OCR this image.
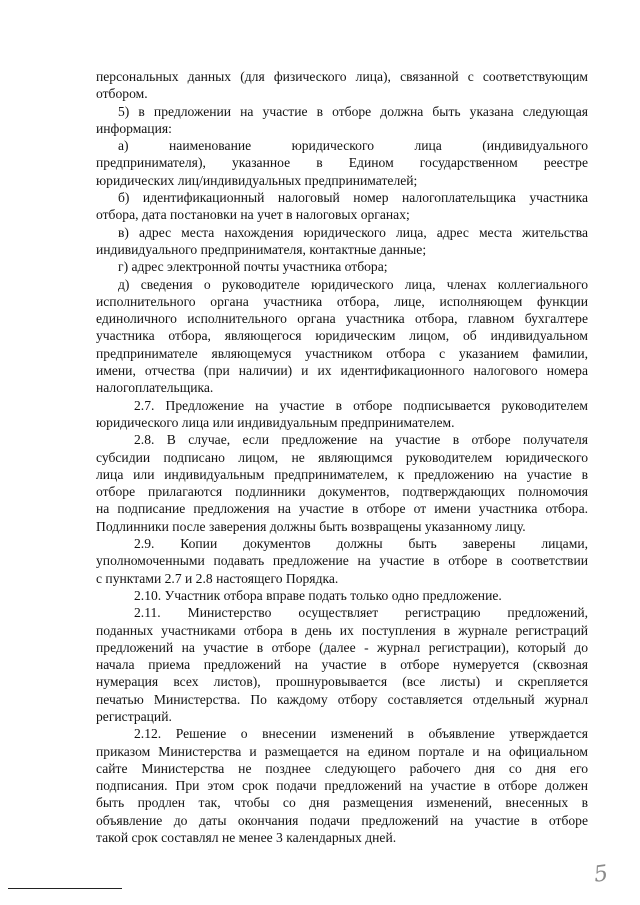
персональных данных (для физического лица), связанной с соответствующим
отбором.
5) в предложении на участие в отборе должна быть указана следующая
информация:
а) наименование юридического лица (индивидуального
предпринимателя), указанное в Едином государственном реестре
юридических лиц/индивидуальных предпринимателей;
б) идентификационный налоговый номер налогоплательщика участника
отбора, дата постановки на учет в налоговых органах;
в) адрес места нахождения юридического лица, адрес места жительства
индивидуального предпринимателя, контактные данные;
г) адрес электронной почты участника отбора;
д) сведения о руководителе юридического лица, членах коллегиального
исполнительного органа участника отбора, лице, исполняющем функции
единоличного исполнительного органа участника отбора, главном бухгалтере
участника отбора, являющегося юридическим лицом, об индивидуальном
предпринимателе являющемуся участником отбора с указанием фамилии,
имени, отчества (при наличии) и их идентификационного налогового номера
налогоплательщика.
2.7. Предложение на участие в отборе подписывается руководителем
юридического лица или индивидуальным предпринимателем.
2.8. В случае, если предложение на участие в отборе получателя
субсидии подписано лицом, не являющимся руководителем юридического
лица или индивидуальным предпринимателем, к предложению на участие в
отборе прилагаются подлинники документов, подтверждающих полномочия
на подписание предложения на участие в отборе от имени участника отбора.
Подлинники после заверения должны быть возвращены указанному лицу.
2.9. Копии документов должны быть заверены лицами,
уполномоченными подавать предложение на участие в отборе в соответствии
с пунктами 2.7 и 2.8 настоящего Порядка.
2.10. Участник отбора вправе подать только одно предложение.
2.11. Министерство осуществляет регистрацию предложений,
поданных участниками отбора в день их поступления в журнале регистраций
предложений на участие в отборе (далее - журнал регистрации), который до
начала приема предложений на участие в отборе нумеруется (сквозная
нумерация всех листов), прошнуровывается (все листы) и скрепляется
печатью Министерства. По каждому отбору составляется отдельный журнал
регистраций.
2.12. Решение о внесении изменений в объявление утверждается
приказом Министерства и размещается на едином портале и на официальном
сайте Министерства не позднее следующего рабочего дня со дня его
подписания. При этом срок подачи предложений на участие в отборе должен
быть продлен так, чтобы со дня размещения изменений, внесенных в
объявление до даты окончания подачи предложений на участие в отборе
такой срок составлял не менее 3 календарных дней.
5
